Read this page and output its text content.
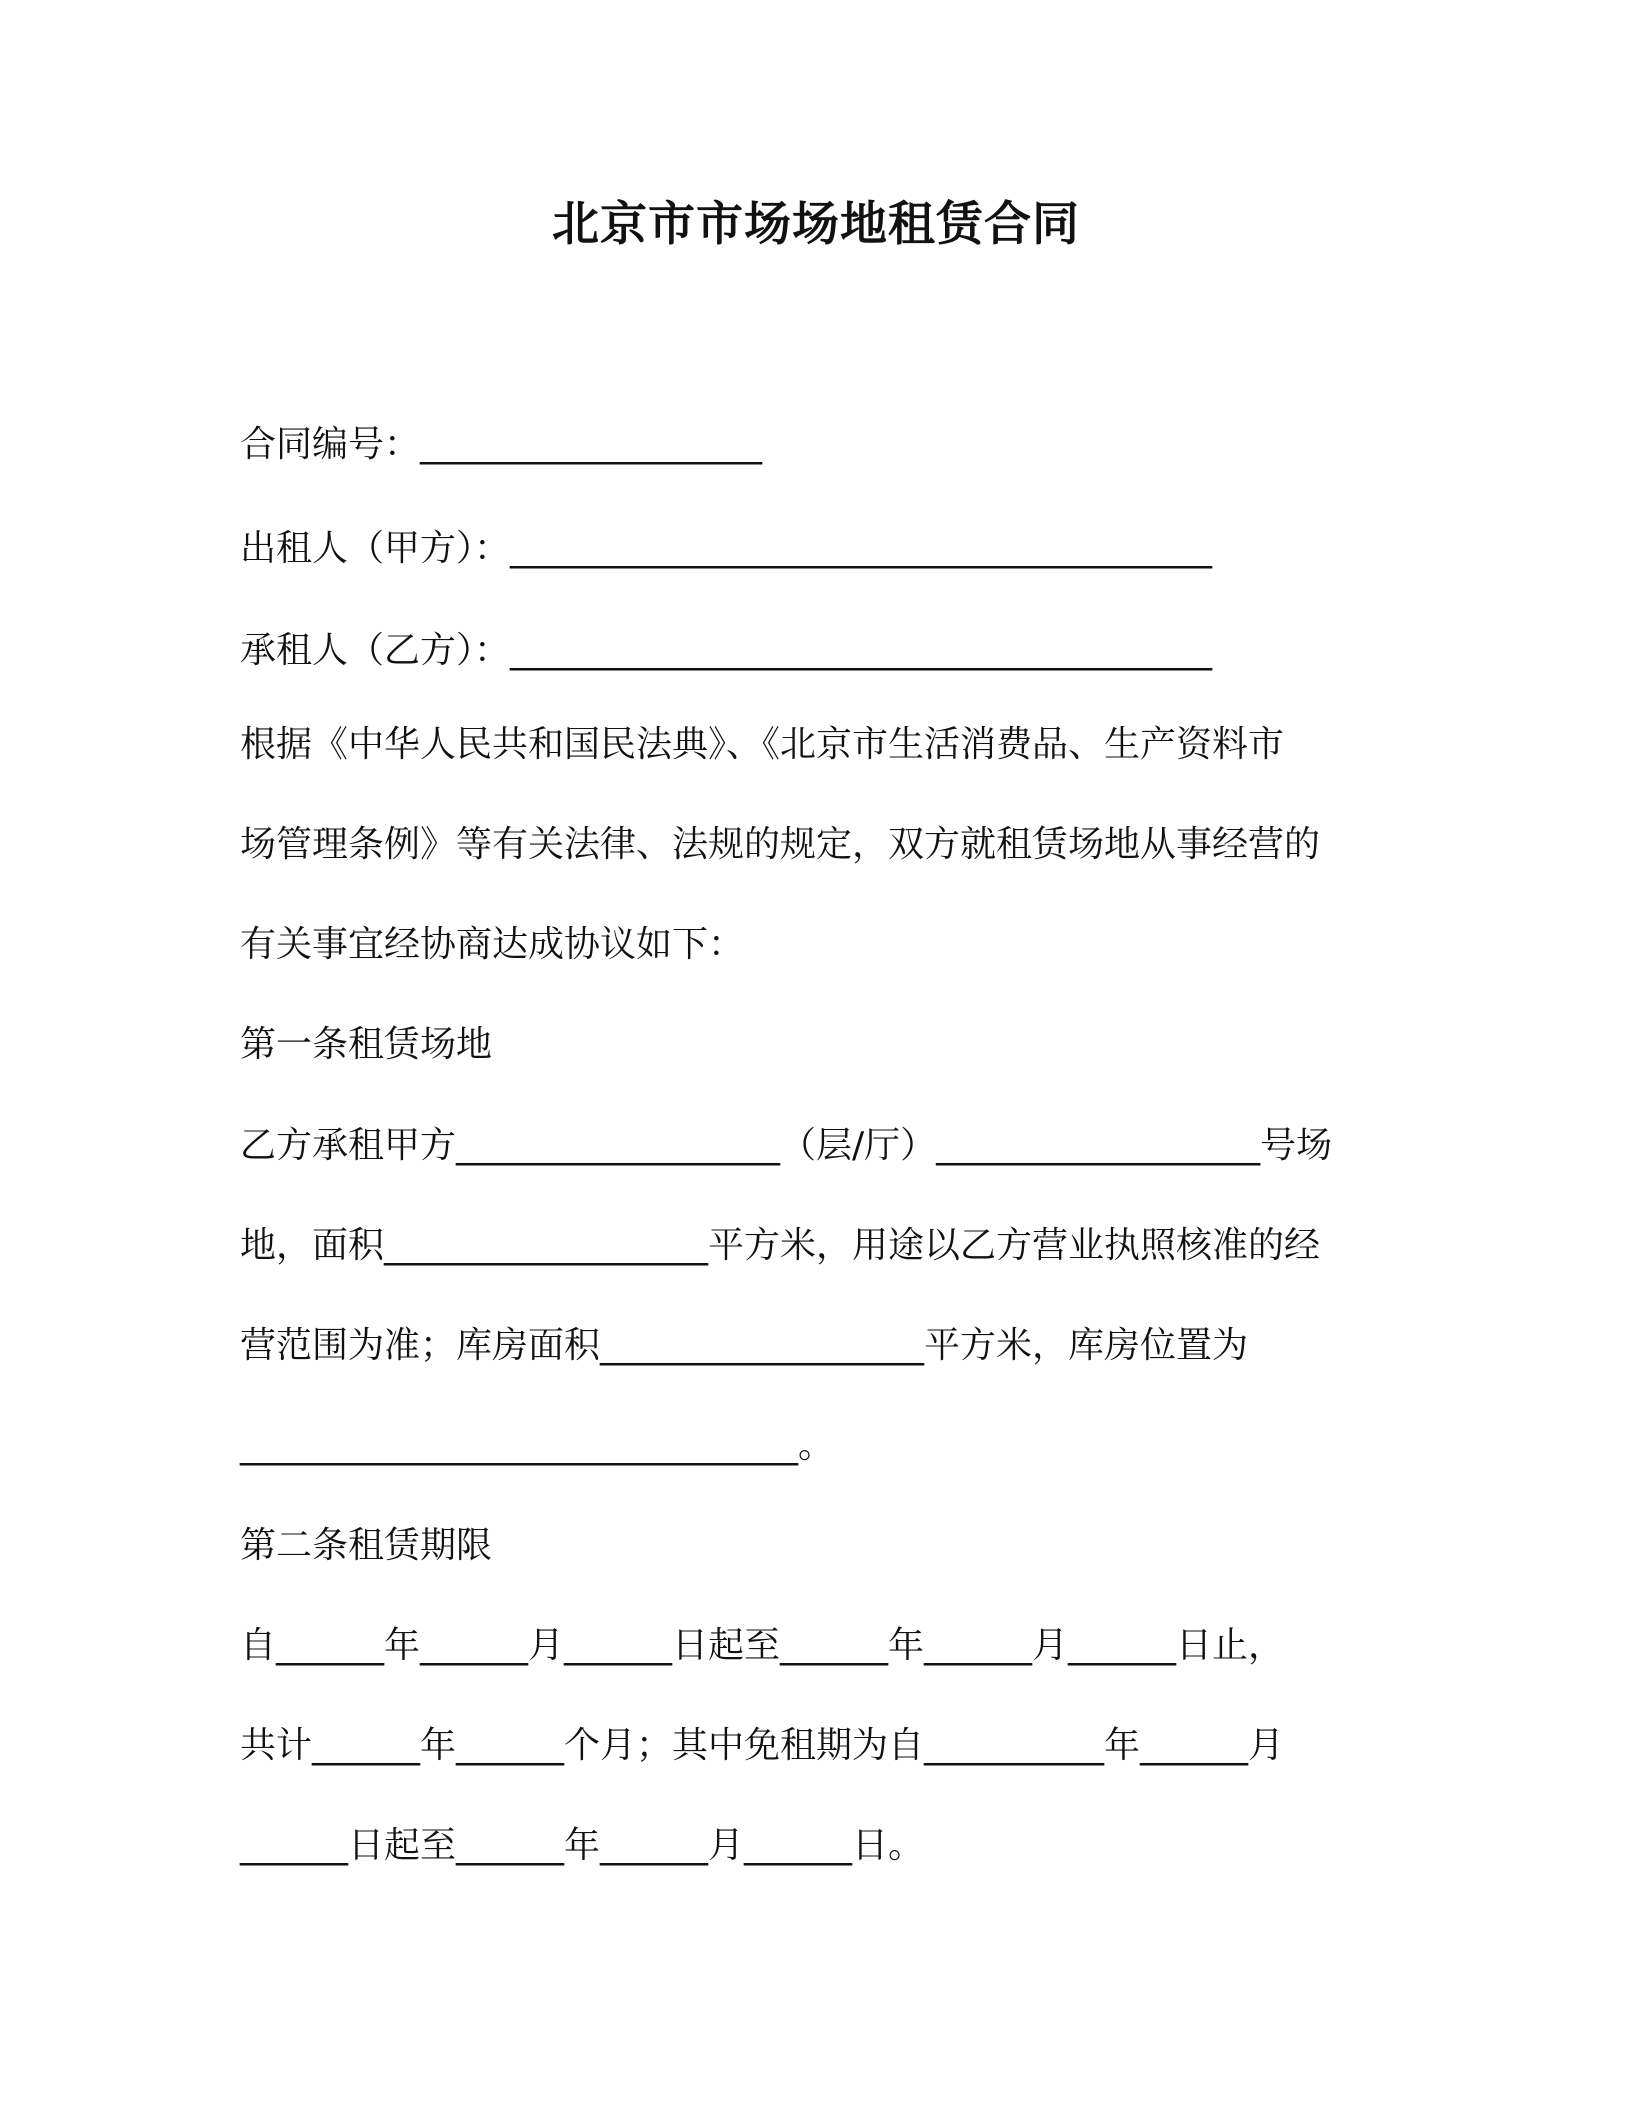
北京市市场场地租赁合同
合同编号：___________________
出租人（甲方）：_______________________________________
承租人（乙方）：_______________________________________
根据《中华人民共和国民法典》、《北京市生活消费品、生产资料市
场管理条例》等有关法律、法规的规定，双方就租赁场地从事经营的
有关事宜经协商达成协议如下：
第一条租赁场地
乙方承租甲方__________________（层/厅）__________________号场
地，面积__________________平方米，用途以乙方营业执照核准的经
营范围为准；库房面积__________________平方米，库房位置为
_______________________________。
第二条租赁期限
自______年______月______日起至______年______月______日止，
共计______年______个月；其中免租期为自__________年______月
______日起至______年______月______日。
